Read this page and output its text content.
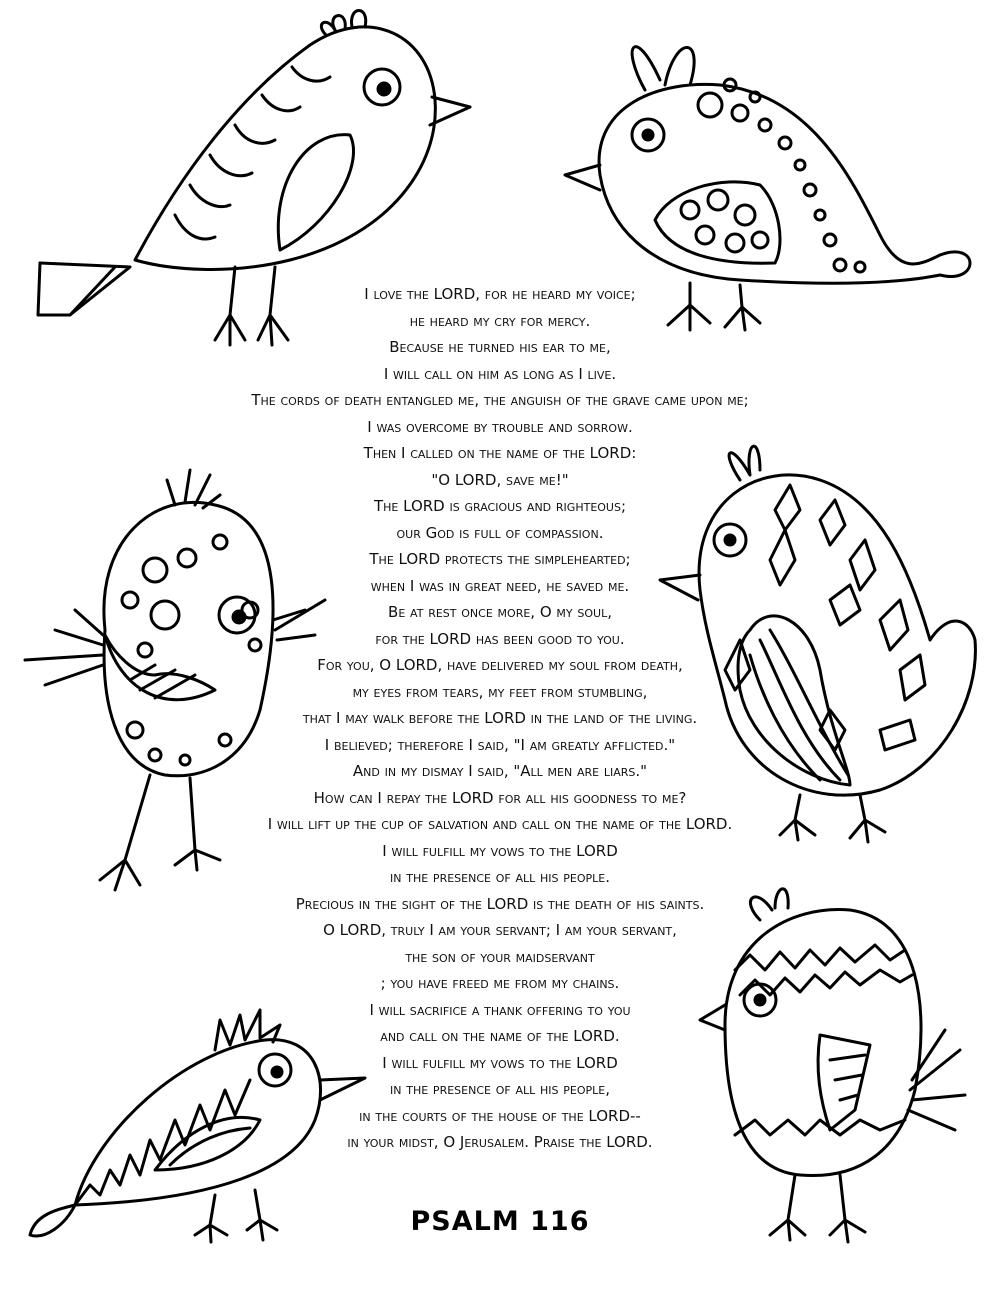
I love the LORD, for he heard my voice;
he heard my cry for mercy.
Because he turned his ear to me,
I will call on him as long as I live.
The cords of death entangled me, the anguish of the grave came upon me;
I was overcome by trouble and sorrow.
Then I called on the name of the LORD:
"O LORD, save me!"
The LORD is gracious and righteous;
our God is full of compassion.
The LORD protects the simplehearted;
when I was in great need, he saved me.
Be at rest once more, O my soul,
for the LORD has been good to you.
For you, O LORD, have delivered my soul from death,
my eyes from tears, my feet from stumbling,
that I may walk before the LORD in the land of the living.
I believed; therefore I said, "I am greatly afflicted."
And in my dismay I said, "All men are liars."
How can I repay the LORD for all his goodness to me?
I will lift up the cup of salvation and call on the name of the LORD.
I will fulfill my vows to the LORD
in the presence of all his people.
Precious in the sight of the LORD is the death of his saints.
O LORD, truly I am your servant; I am your servant,
the son of your maidservant
; you have freed me from my chains.
I will sacrifice a thank offering to you
and call on the name of the LORD.
I will fulfill my vows to the LORD
in the presence of all his people,
in the courts of the house of the LORD--
in your midst, O Jerusalem. Praise the LORD.
PSALM 116
